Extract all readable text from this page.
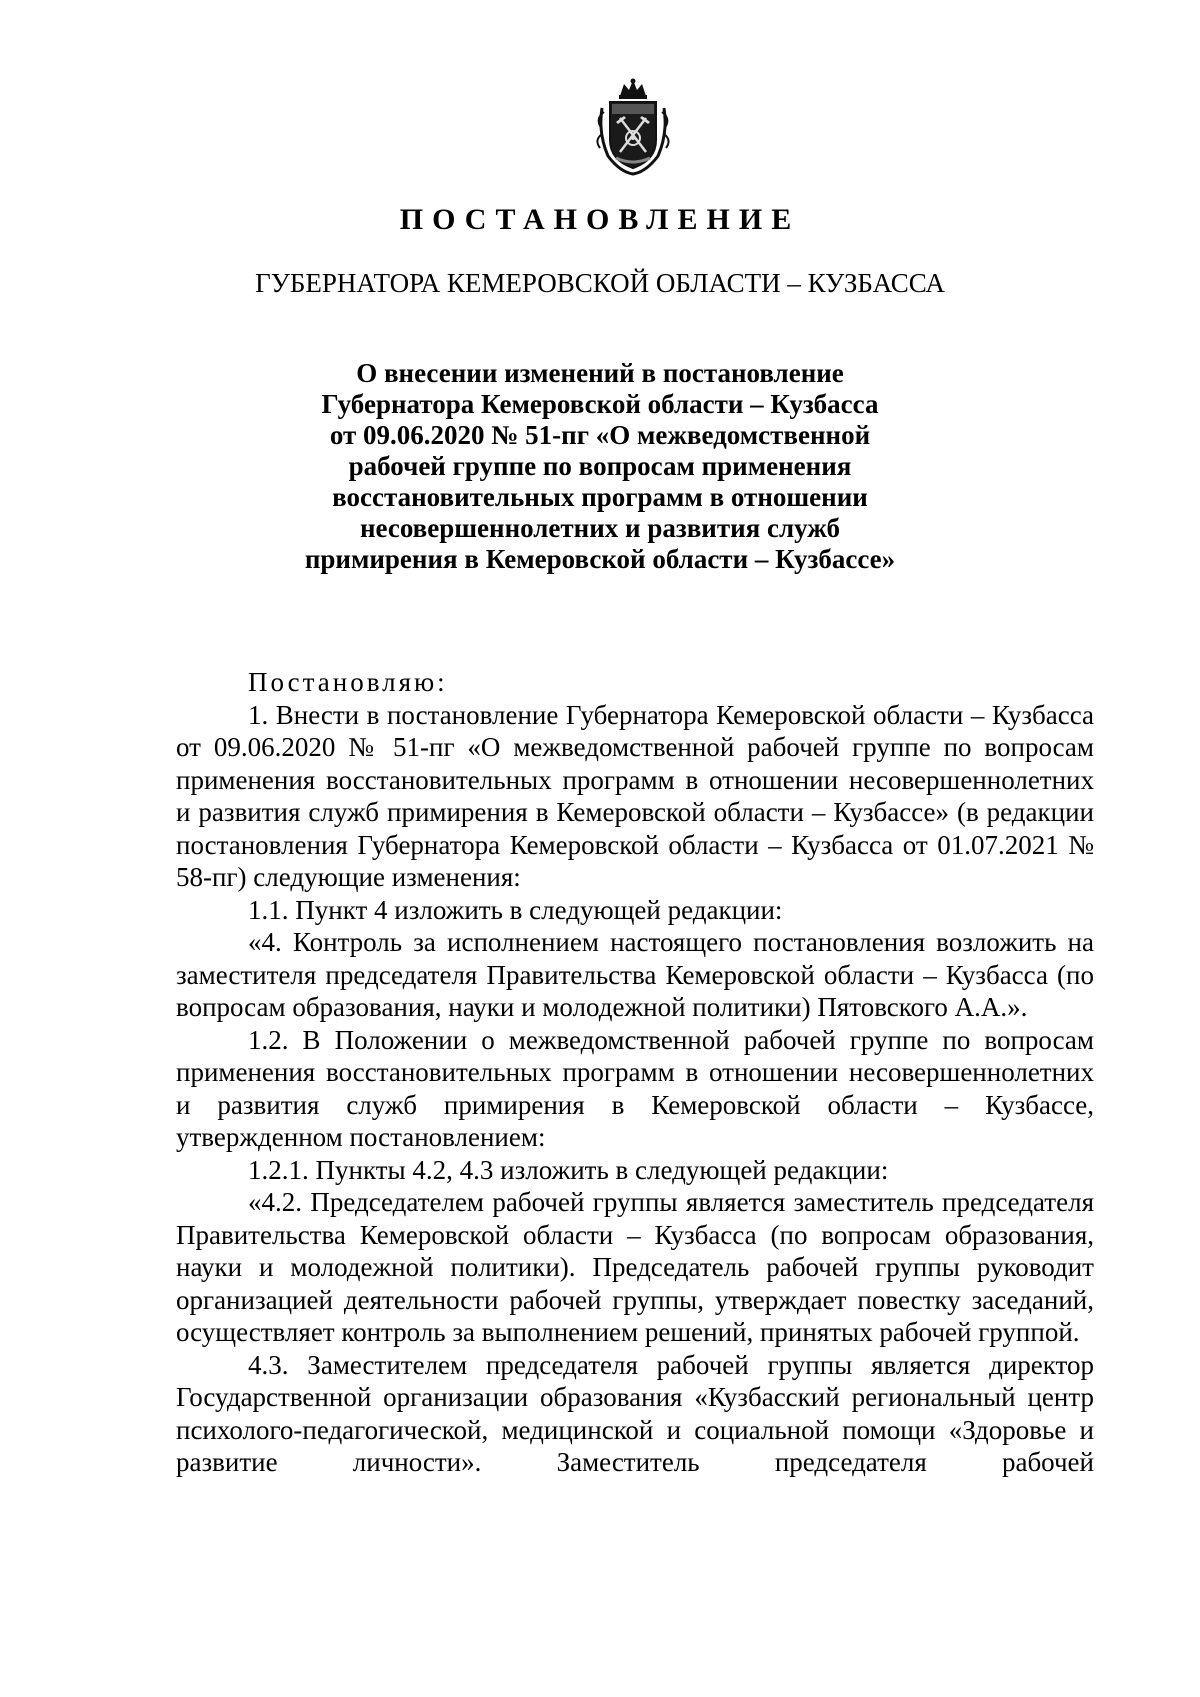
ПОСТАНОВЛЕНИЕ
ГУБЕРНАТОРА КЕМЕРОВСКОЙ ОБЛАСТИ – КУЗБАССА
О внесении изменений в постановление
Губернатора Кемеровской области – Кузбасса
от 09.06.2020 № 51-пг «О межведомственной
рабочей группе по вопросам применения
восстановительных программ в отношении
несовершеннолетних и развития служб
примирения в Кемеровской области – Кузбассе»

Постановляю:

1. Внести в постановление Губернатора Кемеровской области – Кузбасса от 09.06.2020 № 51-пг «О межведомственной рабочей группе по вопросам применения восстановительных программ в отношении несовершеннолетних и развития служб примирения в Кемеровской области – Кузбассе» (в редакции постановления Губернатора Кемеровской области – Кузбасса от 01.07.2021 № 58-пг) следующие изменения:

1.1. Пункт 4 изложить в следующей редакции:

«4. Контроль за исполнением настоящего постановления возложить на заместителя председателя Правительства Кемеровской области – Кузбасса (по вопросам образования, науки и молодежной политики) Пятовского А.А.».

1.2. В Положении о межведомственной рабочей группе по вопросам применения восстановительных программ в отношении несовершеннолетних и развития служб примирения в Кемеровской области – Кузбассе, утвержденном постановлением:

1.2.1. Пункты 4.2, 4.3 изложить в следующей редакции:

«4.2. Председателем рабочей группы является заместитель председателя Правительства Кемеровской области – Кузбасса (по вопросам образования, науки и молодежной политики). Председатель рабочей группы руководит организацией деятельности рабочей группы, утверждает повестку заседаний, осуществляет контроль за выполнением решений, принятых рабочей группой.

4.3. Заместителем председателя рабочей группы является директор Государственной организации образования «Кузбасский региональный центр психолого-педагогической, медицинской и социальной помощи «Здоровье и развитие личности». Заместитель председателя рабочей
